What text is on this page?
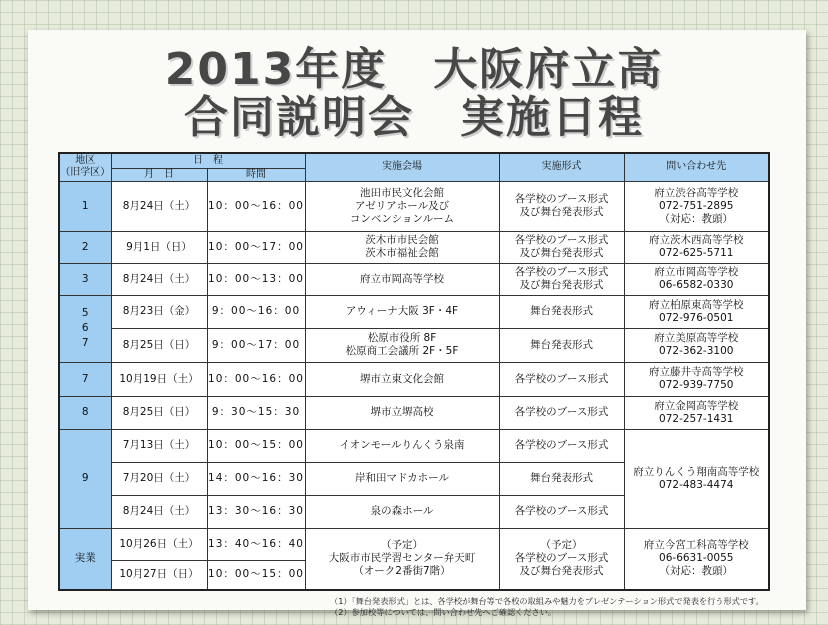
2013年度　大阪府立高
合同説明会　実施日程
地区
（旧学区）	日　程		実施会場	実施形式	問い合わせ先
	月　日	時間			
1	8月24日（土）	10：00～16：00	池田市民文化会館
アゼリアホール及び
コンベンションルーム	各学校のブース形式
及び舞台発表形式	府立渋谷高等学校
072-751-2895
（対応：教頭）

2	9月1日（日）	10：00～17：00	茨木市市民会館
茨木市福祉会館	各学校のブース形式
及び舞台発表形式	府立茨木西高等学校
072-625-5711

3	8月24日（土）	10：00～13：00	府立市岡高等学校	各学校のブース形式
及び舞台発表形式	府立市岡高等学校
06-6582-0330

5
6
7	8月23日（金）	9：00～16：00	アウィーナ大阪 3F・4F	舞台発表形式	府立柏原東高等学校
072-976-0501

	8月25日（日）	9：00～17：00	松原市役所 8F
松原商工会議所 2F・5F	舞台発表形式	府立美原高等学校
072-362-3100

7	10月19日（土）	10：00～16：00	堺市立東文化会館	各学校のブース形式	府立藤井寺高等学校
072-939-7750

8	8月25日（日）	9：30～15：30	堺市立堺高校	各学校のブース形式	府立金岡高等学校
072-257-1431

9	7月13日（土）	10：00～15：00	イオンモールりんくう泉南	各学校のブース形式	府立りんくう翔南高等学校
072-483-4474

	7月20日（土）	14：00～16：30	岸和田マドカホール	舞台発表形式	

	8月24日（土）	13：30～16：30	泉の森ホール	各学校のブース形式	

実業	10月26日（土）	13：40～16：40	（予定）
大阪市市民学習センター弁天町
（オーク2番街7階）	（予定）
各学校のブース形式
及び舞台発表形式	府立今宮工科高等学校
06-6631-0055
（対応：教頭）

	10月27日（日）	10：00～15：00			
（1）「舞台発表形式」とは、各学校が舞台等で各校の取組みや魅力をプレゼンテーション形式で発表を行う形式です。
（2）参加校等については、問い合わせ先へご確認ください。
